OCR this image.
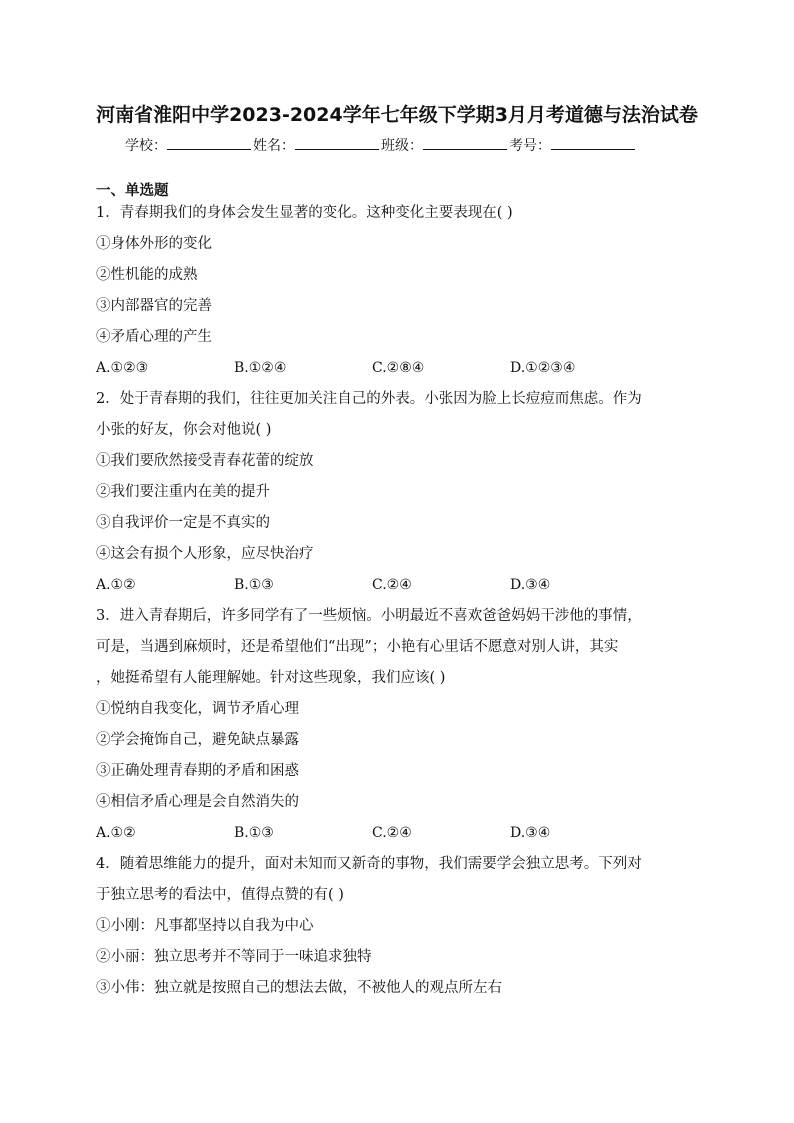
河南省淮阳中学2023-2024学年七年级下学期3月月考道德与法治试卷
学校：	姓名：	班级：	考号：
一、单选题
1．青春期我们的身体会发生显著的变化。这种变化主要表现在( )
①身体外形的变化
②性机能的成熟
③内部器官的完善
④矛盾心理的产生
A.①②③	B.①②④	C.②⑧④	D.①②③④
2．处于青春期的我们，往往更加关注自己的外表。小张因为脸上长痘痘而焦虑。作为
小张的好友，你会对他说( )
①我们要欣然接受青春花蕾的绽放
②我们要注重内在美的提升
③自我评价一定是不真实的
④这会有损个人形象，应尽快治疗
A.①②	B.①③	C.②④	D.③④
3．进入青春期后，许多同学有了一些烦恼。小明最近不喜欢爸爸妈妈干涉他的事情，
可是，当遇到麻烦时，还是希望他们“出现”；小艳有心里话不愿意对别人讲，其实
，她挺希望有人能理解她。针对这些现象，我们应该( )
①悦纳自我变化，调节矛盾心理
②学会掩饰自己，避免缺点暴露
③正确处理青春期的矛盾和困惑
④相信矛盾心理是会自然消失的
A.①②	B.①③	C.②④	D.③④
4．随着思维能力的提升，面对未知而又新奇的事物，我们需要学会独立思考。下列对
于独立思考的看法中，值得点赞的有( )
①小刚：凡事都坚持以自我为中心
②小丽：独立思考并不等同于一味追求独特
③小伟：独立就是按照自己的想法去做，不被他人的观点所左右
